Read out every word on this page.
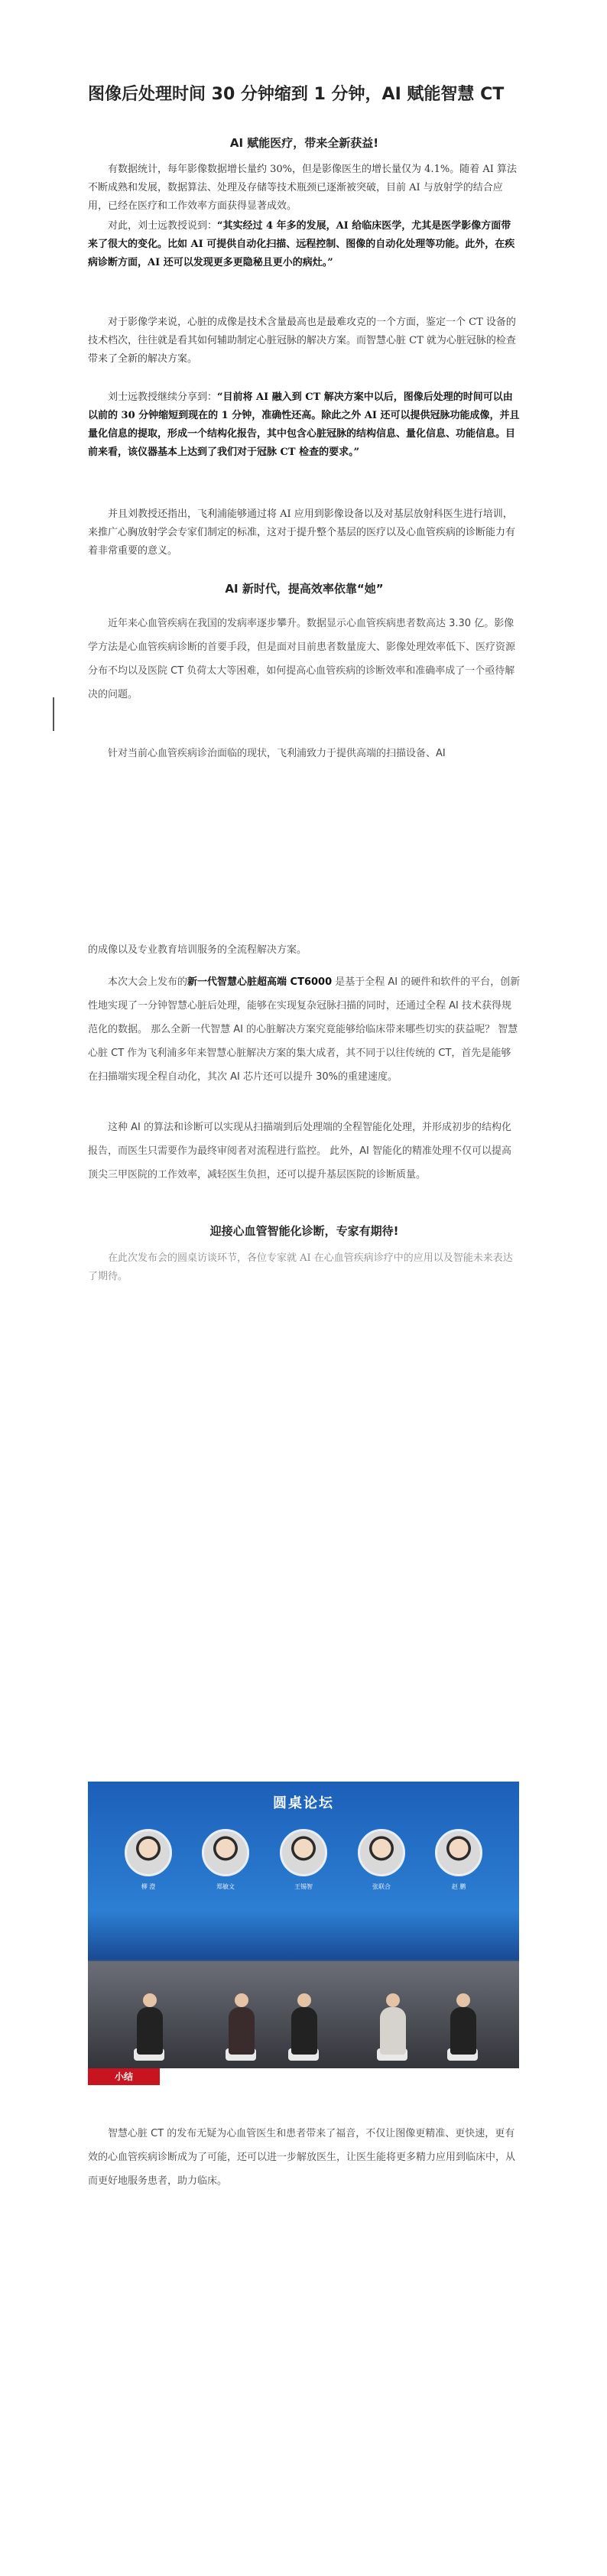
图像后处理时间 30 分钟缩到 1 分钟，AI 赋能智慧 CT
AI 赋能医疗，带来全新获益!

有数据统计，每年影像数据增长量约 30%，但是影像医生的增长量仅为 4.1%。随着 AI 算法不断成熟和发展，数据算法、处理及存储等技术瓶颈已逐渐被突破，目前 AI 与放射学的结合应用，已经在医疗和工作效率方面获得显著成效。

对此，刘士远教授说到：“其实经过 4 年多的发展，AI 给临床医学，尤其是医学影像方面带来了很大的变化。比如 AI 可提供自动化扫描、远程控制、图像的自动化处理等功能。此外，在疾病诊断方面，AI 还可以发现更多更隐秘且更小的病灶。”

对于影像学来说，心脏的成像是技术含量最高也是最难攻克的一个方面，鉴定一个 CT 设备的技术档次，往往就是看其如何辅助制定心脏冠脉的解决方案。而智慧心脏 CT 就为心脏冠脉的检查带来了全新的解决方案。

刘士远教授继续分享到：“目前将 AI 融入到 CT 解决方案中以后，图像后处理的时间可以由以前的 30 分钟缩短到现在的 1 分钟，准确性还高。除此之外 AI 还可以提供冠脉功能成像，并且量化信息的提取，形成一个结构化报告，其中包含心脏冠脉的结构信息、量化信息、功能信息。目前来看，该仪器基本上达到了我们对于冠脉 CT 检查的要求。”

并且刘教授还指出，飞利浦能够通过将 AI 应用到影像设备以及对基层放射科医生进行培训，来推广心胸放射学会专家们制定的标准，这对于提升整个基层的医疗以及心血管疾病的诊断能力有着非常重要的意义。

AI 新时代，提高效率依靠“她”

近年来心血管疾病在我国的发病率逐步攀升。数据显示心血管疾病患者数高达 3.30 亿。影像学方法是心血管疾病诊断的首要手段，但是面对目前患者数量庞大、影像处理效率低下、医疗资源分布不均以及医院 CT 负荷太大等困难，如何提高心血管疾病的诊断效率和准确率成了一个亟待解决的问题。

针对当前心血管疾病诊治面临的现状，飞利浦致力于提供高端的扫描设备、AI

的成像以及专业教育培训服务的全流程解决方案。

本次大会上发布的新一代智慧心脏超高端 CT6000 是基于全程 AI 的硬件和软件的平台，创新性地实现了一分钟智慧心脏后处理，能够在实现复杂冠脉扫描的同时，还通过全程 AI 技术获得规范化的数据。 那么全新一代智慧 AI 的心脏解决方案究竟能够给临床带来哪些切实的获益呢？ 智慧心脏 CT 作为飞利浦多年来智慧心脏解决方案的集大成者，其不同于以往传统的 CT，首先是能够在扫描端实现全程自动化，其次 AI 芯片还可以提升 30%的重建速度。

这种 AI 的算法和诊断可以实现从扫描端到后处理端的全程智能化处理，并形成初步的结构化报告，而医生只需要作为最终审阅者对流程进行监控。 此外，AI 智能化的精准处理不仅可以提高顶尖三甲医院的工作效率，减轻医生负担，还可以提升基层医院的诊断质量。

迎接心血管智能化诊断，专家有期待!

在此次发布会的圆桌访谈环节，各位专家就 AI 在心血管疾病诊疗中的应用以及智能未来表达了期待。

圆桌论坛
柳 澄	郑敏文	王锡智	张联合	赵 鹏
小结

智慧心脏 CT 的发布无疑为心血管医生和患者带来了福音，不仅让图像更精准、更快速，更有效的心血管疾病诊断成为了可能，还可以进一步解放医生，让医生能将更多精力应用到临床中，从而更好地服务患者，助力临床。
